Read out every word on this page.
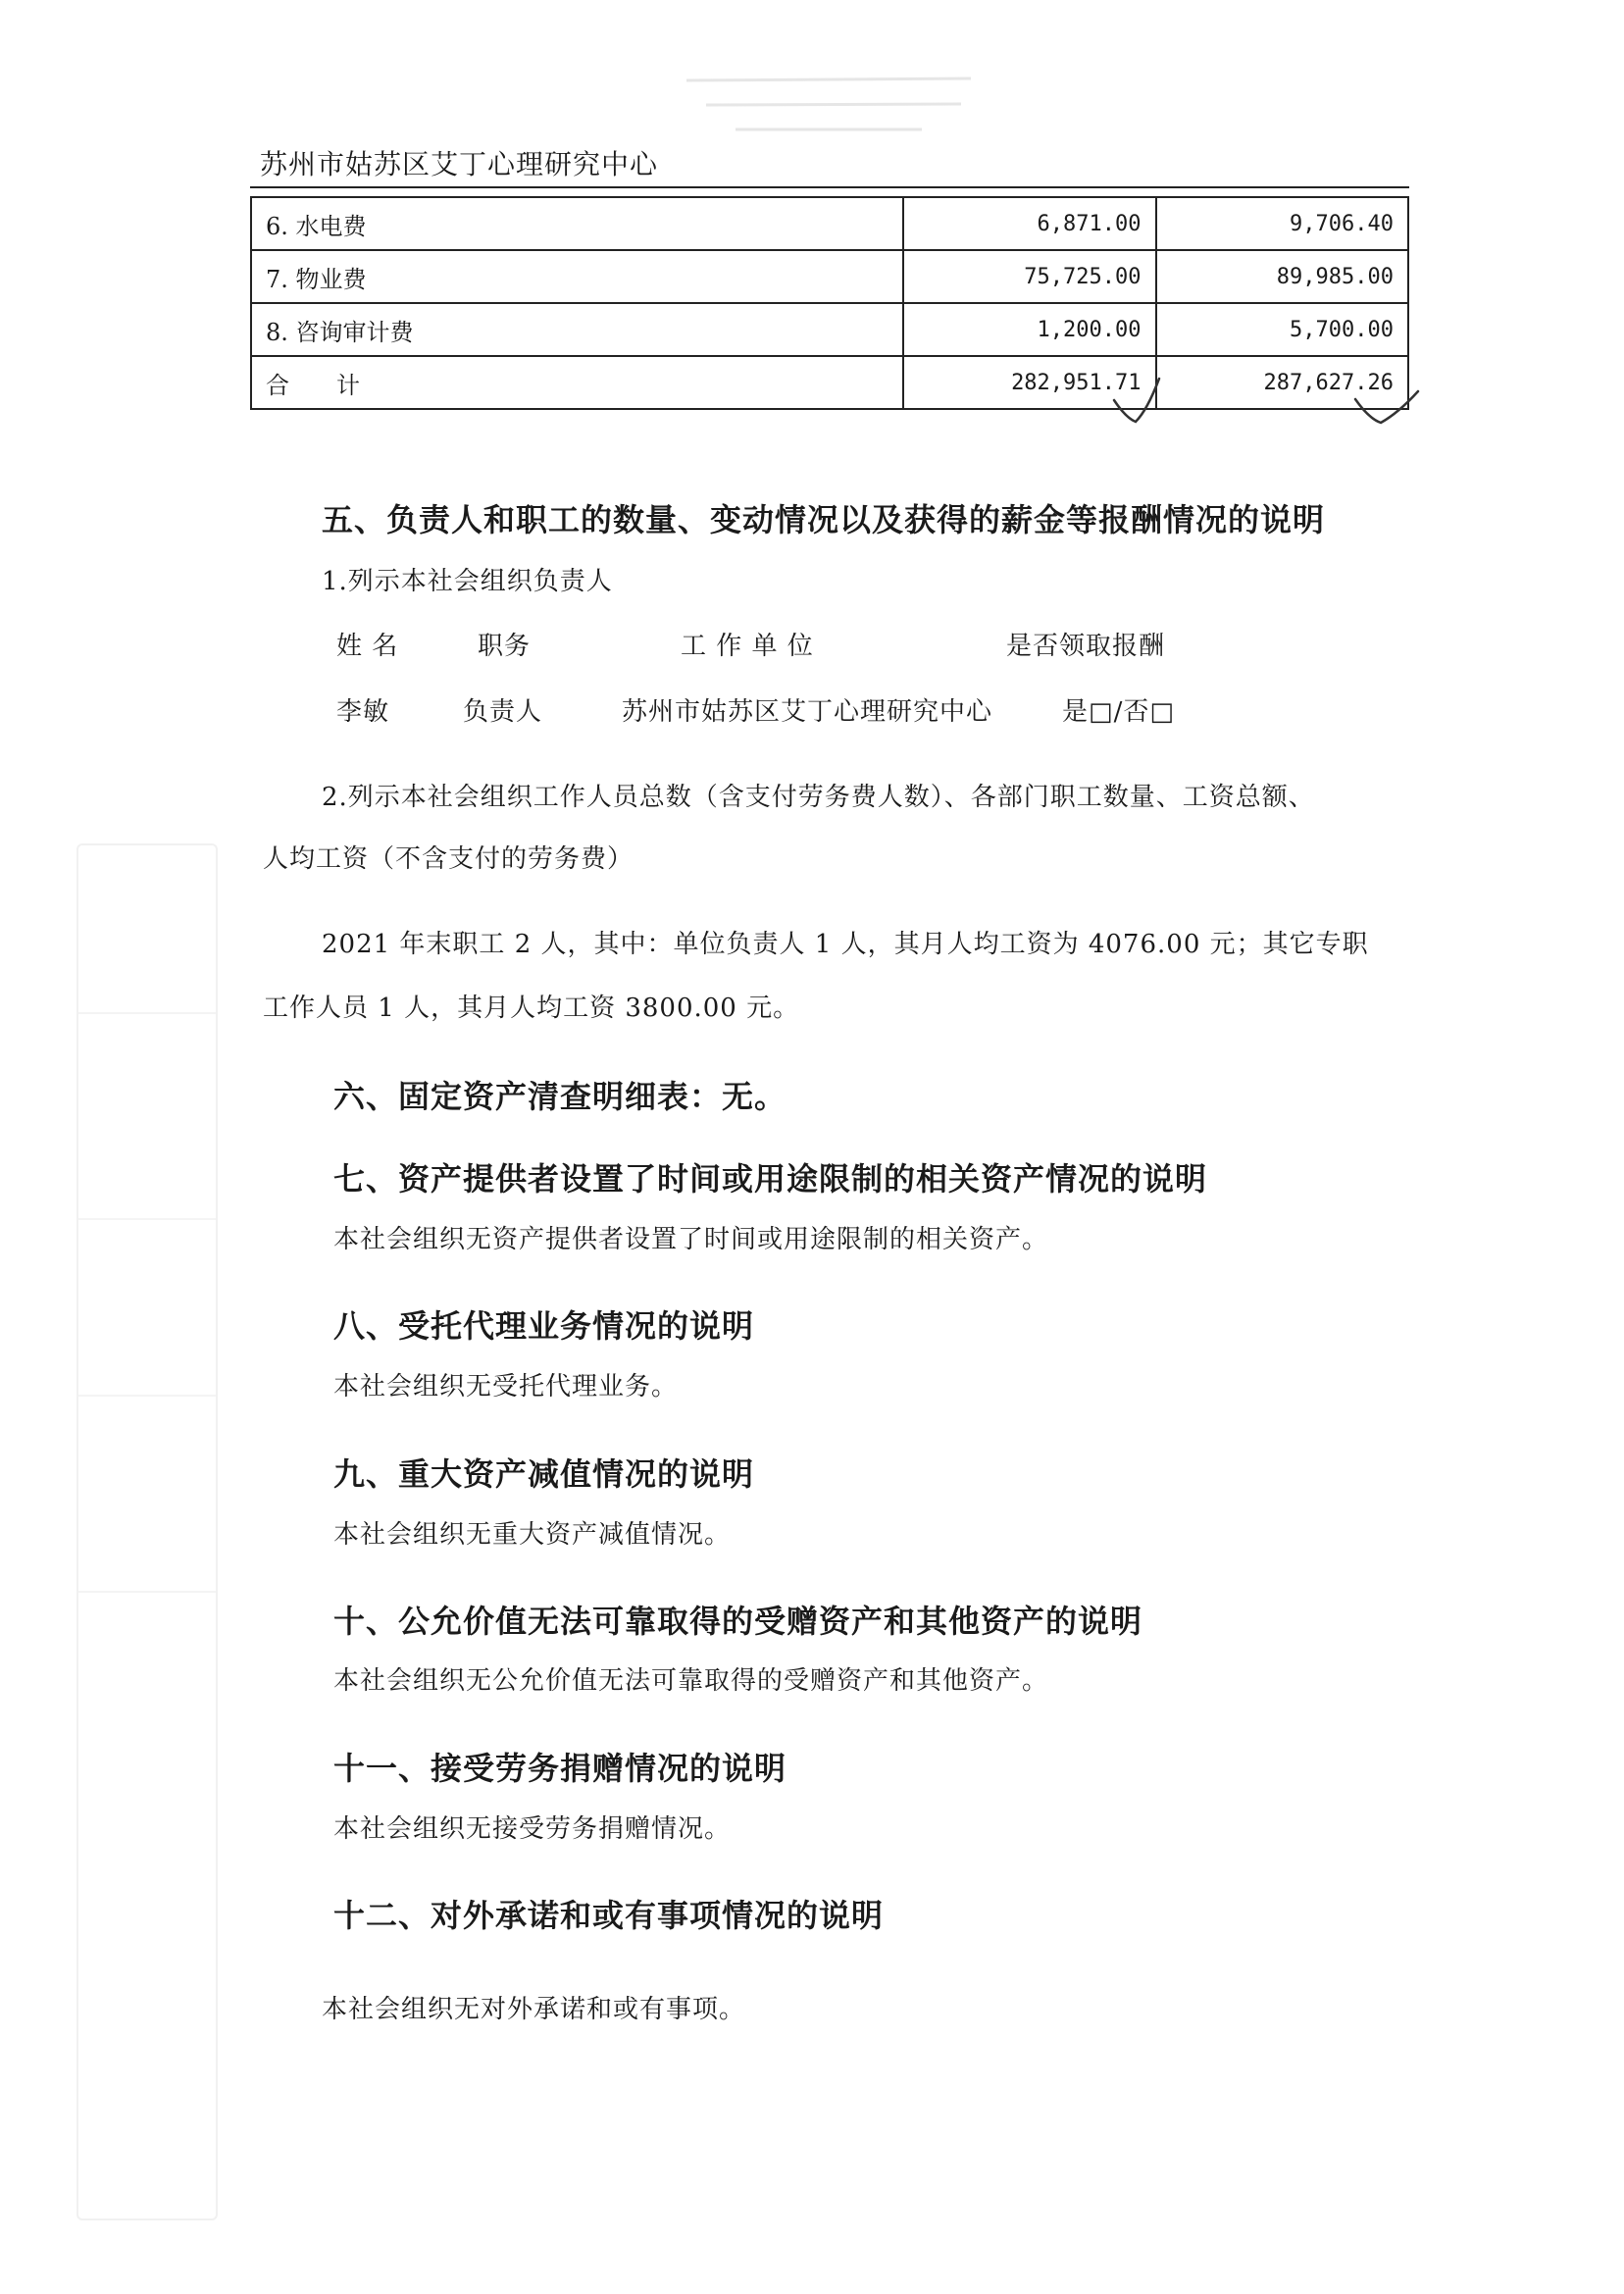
苏州市姑苏区艾丁心理研究中心
6. 水电费	6,871.00	9,706.40
7. 物业费	75,725.00	89,985.00
8. 咨询审计费	1,200.00	5,700.00
合　　计	282,951.71	287,627.26
五、负责人和职工的数量、变动情况以及获得的薪金等报酬情况的说明
1.列示本社会组织负责人
姓 名	职务	工 作 单 位	是否领取报酬
李敏	负责人	苏州市姑苏区艾丁心理研究中心	是□/否□
2.列示本社会组织工作人员总数（含支付劳务费人数）、各部门职工数量、工资总额、
人均工资（不含支付的劳务费）
2021 年末职工 2 人，其中：单位负责人 1 人，其月人均工资为 4076.00 元；其它专职
工作人员 1 人，其月人均工资 3800.00 元。
六、固定资产清查明细表：无。
七、资产提供者设置了时间或用途限制的相关资产情况的说明
本社会组织无资产提供者设置了时间或用途限制的相关资产。
八、受托代理业务情况的说明
本社会组织无受托代理业务。
九、重大资产减值情况的说明
本社会组织无重大资产减值情况。
十、公允价值无法可靠取得的受赠资产和其他资产的说明
本社会组织无公允价值无法可靠取得的受赠资产和其他资产。
十一、接受劳务捐赠情况的说明
本社会组织无接受劳务捐赠情况。
十二、对外承诺和或有事项情况的说明
本社会组织无对外承诺和或有事项。
